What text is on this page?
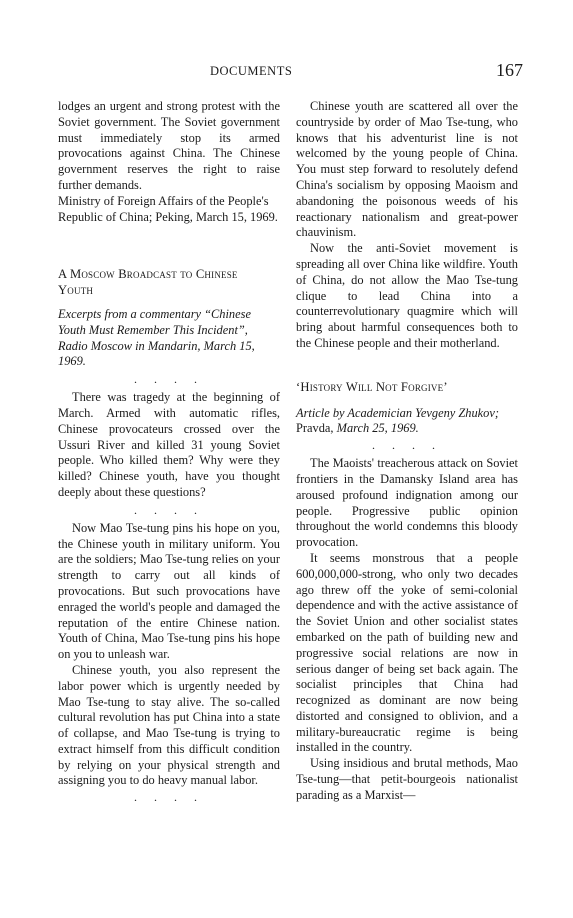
DOCUMENTS	167

lodges an urgent and strong protest with the Soviet government. The Soviet government must immediately stop its armed provocations against China. The Chinese government reserves the right to raise further demands.

Ministry of Foreign Affairs of the People's Republic of China; Peking, March 15, 1969.

A Moscow Broadcast to Chinese Youth

Excerpts from a commentary “Chinese Youth Must Remember This Incident”, Radio Moscow in Mandarin, March 15, 1969.

. . . .

There was tragedy at the beginning of March. Armed with automatic rifles, Chinese provocateurs crossed over the Ussuri River and killed 31 young Soviet people. Who killed them? Why were they killed? Chinese youth, have you thought deeply about these questions?

. . . .

Now Mao Tse-tung pins his hope on you, the Chinese youth in military uniform. You are the soldiers; Mao Tse-tung relies on your strength to carry out all kinds of provocations. But such provocations have enraged the world's people and damaged the reputation of the entire Chinese nation. Youth of China, Mao Tse-tung pins his hope on you to unleash war.

Chinese youth, you also represent the labor power which is urgently needed by Mao Tse-tung to stay alive. The so-called cultural revolution has put China into a state of collapse, and Mao Tse-tung is trying to extract himself from this difficult condition by relying on your physical strength and assigning you to do heavy manual labor.

. . . .

Chinese youth are scattered all over the countryside by order of Mao Tse-tung, who knows that his adventurist line is not welcomed by the young people of China. You must step forward to resolutely defend China's socialism by opposing Maoism and abandoning the poisonous weeds of his reactionary nationalism and great-power chauvinism.

Now the anti-Soviet movement is spreading all over China like wildfire. Youth of China, do not allow the Mao Tse-tung clique to lead China into a counterrevolutionary quagmire which will bring about harmful consequences both to the Chinese people and their motherland.

‘History Will Not Forgive’

Article by Academician Yevgeny Zhukov;
Pravda, March 25, 1969.

. . . .

The Maoists' treacherous attack on Soviet frontiers in the Damansky Island area has aroused profound indignation among our people. Progressive public opinion throughout the world condemns this bloody provocation.

It seems monstrous that a people 600,000,000-strong, who only two decades ago threw off the yoke of semi-colonial dependence and with the active assistance of the Soviet Union and other socialist states embarked on the path of building new and progressive social relations are now in serious danger of being set back again. The socialist principles that China had recognized as dominant are now being distorted and consigned to oblivion, and a military-bureaucratic regime is being installed in the country.

Using insidious and brutal methods, Mao Tse-tung—that petit-bourgeois nationalist parading as a Marxist—
